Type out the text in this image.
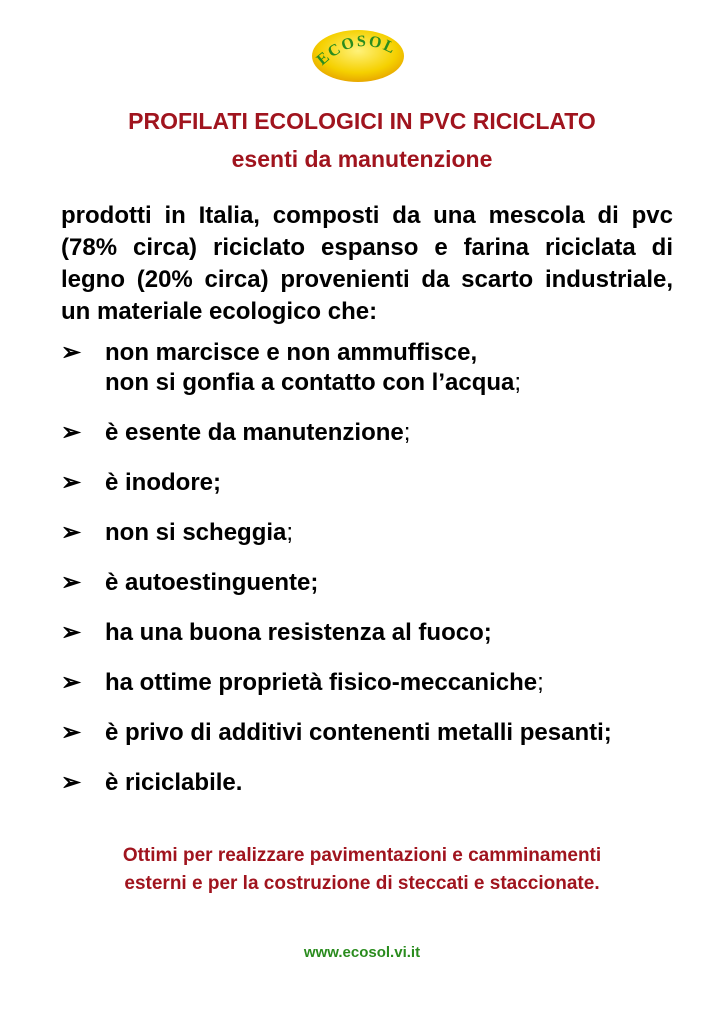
ECOSOL
PROFILATI ECOLOGICI IN PVC RICICLATO
esenti da manutenzione

prodotti in Italia, composti da una mescola di pvc (78% circa) riciclato espanso e farina riciclata di legno (20% circa) provenienti da scarto industriale, un materiale ecologico che:

➢ non marcisce e non ammuffisce,
non si gonfia a contatto con l’acqua;
➢ è esente da manutenzione;
➢ è inodore;
➢ non si scheggia;
➢ è autoestinguente;
➢ ha una buona resistenza al fuoco;
➢ ha ottime proprietà fisico-meccaniche;
➢ è privo di additivi contenenti metalli pesanti;
➢ è riciclabile.

Ottimi per realizzare pavimentazioni e camminamenti
esterni e per la costruzione di steccati e staccionate.

www.ecosol.vi.it
